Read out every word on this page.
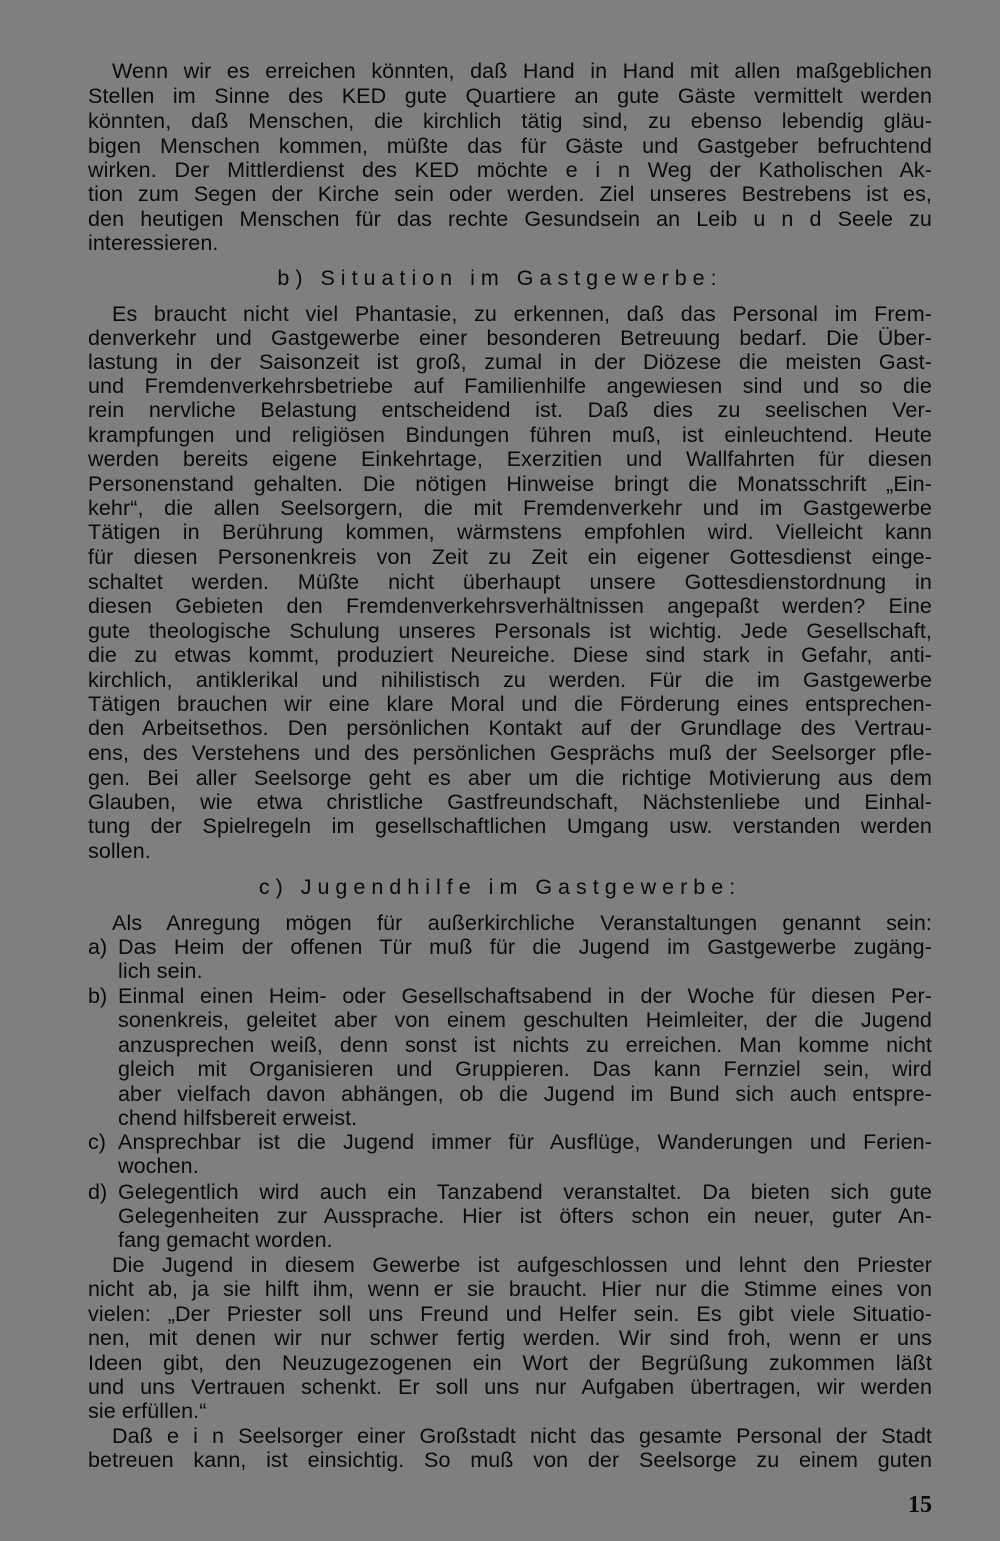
Wenn wir es erreichen könnten, daß Hand in Hand mit allen maßgeblichen
Stellen im Sinne des KED gute Quartiere an gute Gäste vermittelt werden
könnten, daß Menschen, die kirchlich tätig sind, zu ebenso lebendig gläu-
bigen Menschen kommen, müßte das für Gäste und Gastgeber befruchtend
wirken. Der Mittlerdienst des KED möchte e i n Weg der Katholischen Ak-
tion zum Segen der Kirche sein oder werden. Ziel unseres Bestrebens ist es,
den heutigen Menschen für das rechte Gesundsein an Leib u n d Seele zu
interessieren.
b) Situation im Gastgewerbe:
Es braucht nicht viel Phantasie, zu erkennen, daß das Personal im Frem-
denverkehr und Gastgewerbe einer besonderen Betreuung bedarf. Die Über-
lastung in der Saisonzeit ist groß, zumal in der Diözese die meisten Gast-
und Fremdenverkehrsbetriebe auf Familienhilfe angewiesen sind und so die
rein nervliche Belastung entscheidend ist. Daß dies zu seelischen Ver-
krampfungen und religiösen Bindungen führen muß, ist einleuchtend. Heute
werden bereits eigene Einkehrtage, Exerzitien und Wallfahrten für diesen
Personenstand gehalten. Die nötigen Hinweise bringt die Monatsschrift „Ein-
kehr“, die allen Seelsorgern, die mit Fremdenverkehr und im Gastgewerbe
Tätigen in Berührung kommen, wärmstens empfohlen wird. Vielleicht kann
für diesen Personenkreis von Zeit zu Zeit ein eigener Gottesdienst einge-
schaltet werden. Müßte nicht überhaupt unsere Gottesdienstordnung in
diesen Gebieten den Fremdenverkehrsverhältnissen angepaßt werden? Eine
gute theologische Schulung unseres Personals ist wichtig. Jede Gesellschaft,
die zu etwas kommt, produziert Neureiche. Diese sind stark in Gefahr, anti-
kirchlich, antiklerikal und nihilistisch zu werden. Für die im Gastgewerbe
Tätigen brauchen wir eine klare Moral und die Förderung eines entsprechen-
den Arbeitsethos. Den persönlichen Kontakt auf der Grundlage des Vertrau-
ens, des Verstehens und des persönlichen Gesprächs muß der Seelsorger pfle-
gen. Bei aller Seelsorge geht es aber um die richtige Motivierung aus dem
Glauben, wie etwa christliche Gastfreundschaft, Nächstenliebe und Einhal-
tung der Spielregeln im gesellschaftlichen Umgang usw. verstanden werden
sollen.
c) Jugendhilfe im Gastgewerbe:
Als Anregung mögen für außerkirchliche Veranstaltungen genannt sein:
a) Das Heim der offenen Tür muß für die Jugend im Gastgewerbe zugäng-
lich sein.
b) Einmal einen Heim- oder Gesellschaftsabend in der Woche für diesen Per-
sonenkreis, geleitet aber von einem geschulten Heimleiter, der die Jugend
anzusprechen weiß, denn sonst ist nichts zu erreichen. Man komme nicht
gleich mit Organisieren und Gruppieren. Das kann Fernziel sein, wird
aber vielfach davon abhängen, ob die Jugend im Bund sich auch entspre-
chend hilfsbereit erweist.
c) Ansprechbar ist die Jugend immer für Ausflüge, Wanderungen und Ferien-
wochen.
d) Gelegentlich wird auch ein Tanzabend veranstaltet. Da bieten sich gute
Gelegenheiten zur Aussprache. Hier ist öfters schon ein neuer, guter An-
fang gemacht worden.
Die Jugend in diesem Gewerbe ist aufgeschlossen und lehnt den Priester
nicht ab, ja sie hilft ihm, wenn er sie braucht. Hier nur die Stimme eines von
vielen: „Der Priester soll uns Freund und Helfer sein. Es gibt viele Situatio-
nen, mit denen wir nur schwer fertig werden. Wir sind froh, wenn er uns
Ideen gibt, den Neuzugezogenen ein Wort der Begrüßung zukommen läßt
und uns Vertrauen schenkt. Er soll uns nur Aufgaben übertragen, wir werden
sie erfüllen.“
Daß e i n Seelsorger einer Großstadt nicht das gesamte Personal der Stadt
betreuen kann, ist einsichtig. So muß von der Seelsorge zu einem guten
15
